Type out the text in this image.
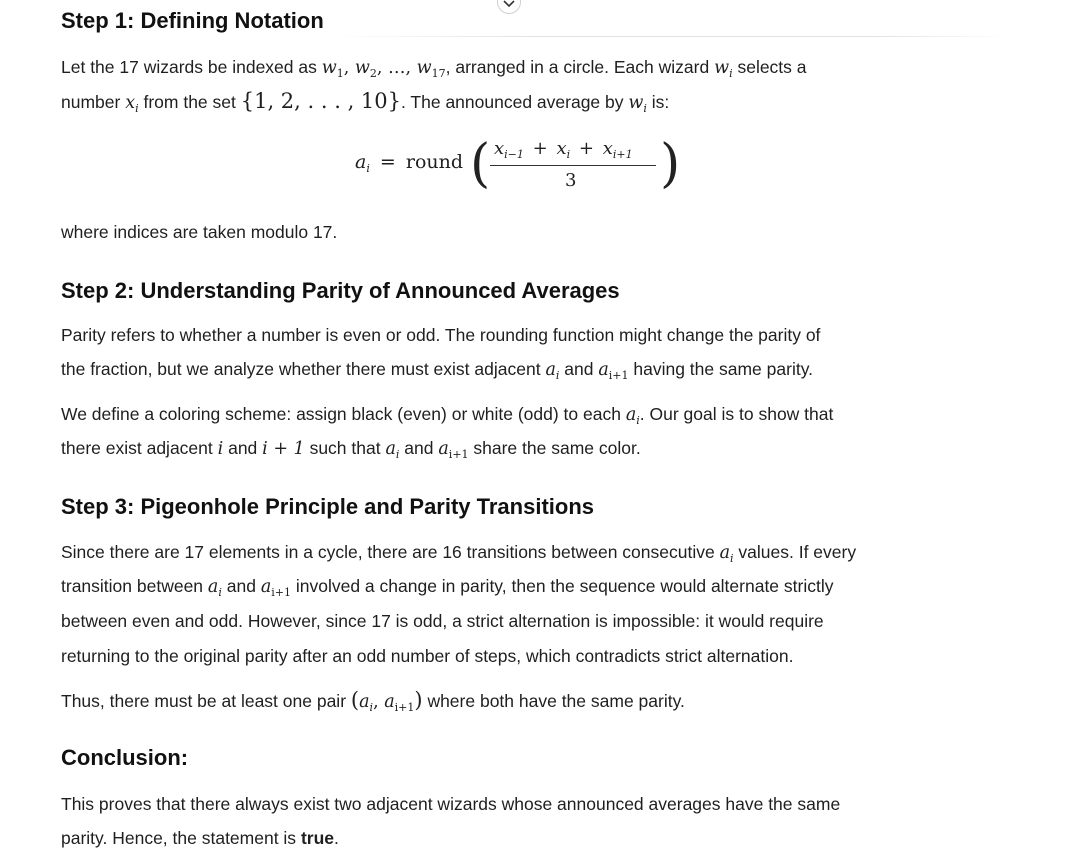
Step 1: Defining Notation
Let the 17 wizards be indexed as $w_1$, $w_2$, …, $w_{17}$, arranged in a circle. Each wizard $w_i$ selects a
number $x_i$ from the set {1, 2, . . . , 10}. The announced average by $w_i$ is:
$a_i$ = round ( $x_{i-1} + x_i + x_{i+1}$
3 )
where indices are taken modulo 17.
Step 2: Understanding Parity of Announced Averages
Parity refers to whether a number is even or odd. The rounding function might change the parity of
the fraction, but we analyze whether there must exist adjacent $a_i$ and $a_{i+1}$ having the same parity.
We define a coloring scheme: assign black (even) or white (odd) to each $a_i$. Our goal is to show that
there exist adjacent i and i + 1 such that $a_i$ and $a_{i+1}$ share the same color.
Step 3: Pigeonhole Principle and Parity Transitions
Since there are 17 elements in a cycle, there are 16 transitions between consecutive $a_i$ values. If every
transition between $a_i$ and $a_{i+1}$ involved a change in parity, then the sequence would alternate strictly
between even and odd. However, since 17 is odd, a strict alternation is impossible: it would require
returning to the original parity after an odd number of steps, which contradicts strict alternation.
Thus, there must be at least one pair ($a_i$, $a_{i+1}$) where both have the same parity.
Conclusion:
This proves that there always exist two adjacent wizards whose announced averages have the same
parity. Hence, the statement is true.
